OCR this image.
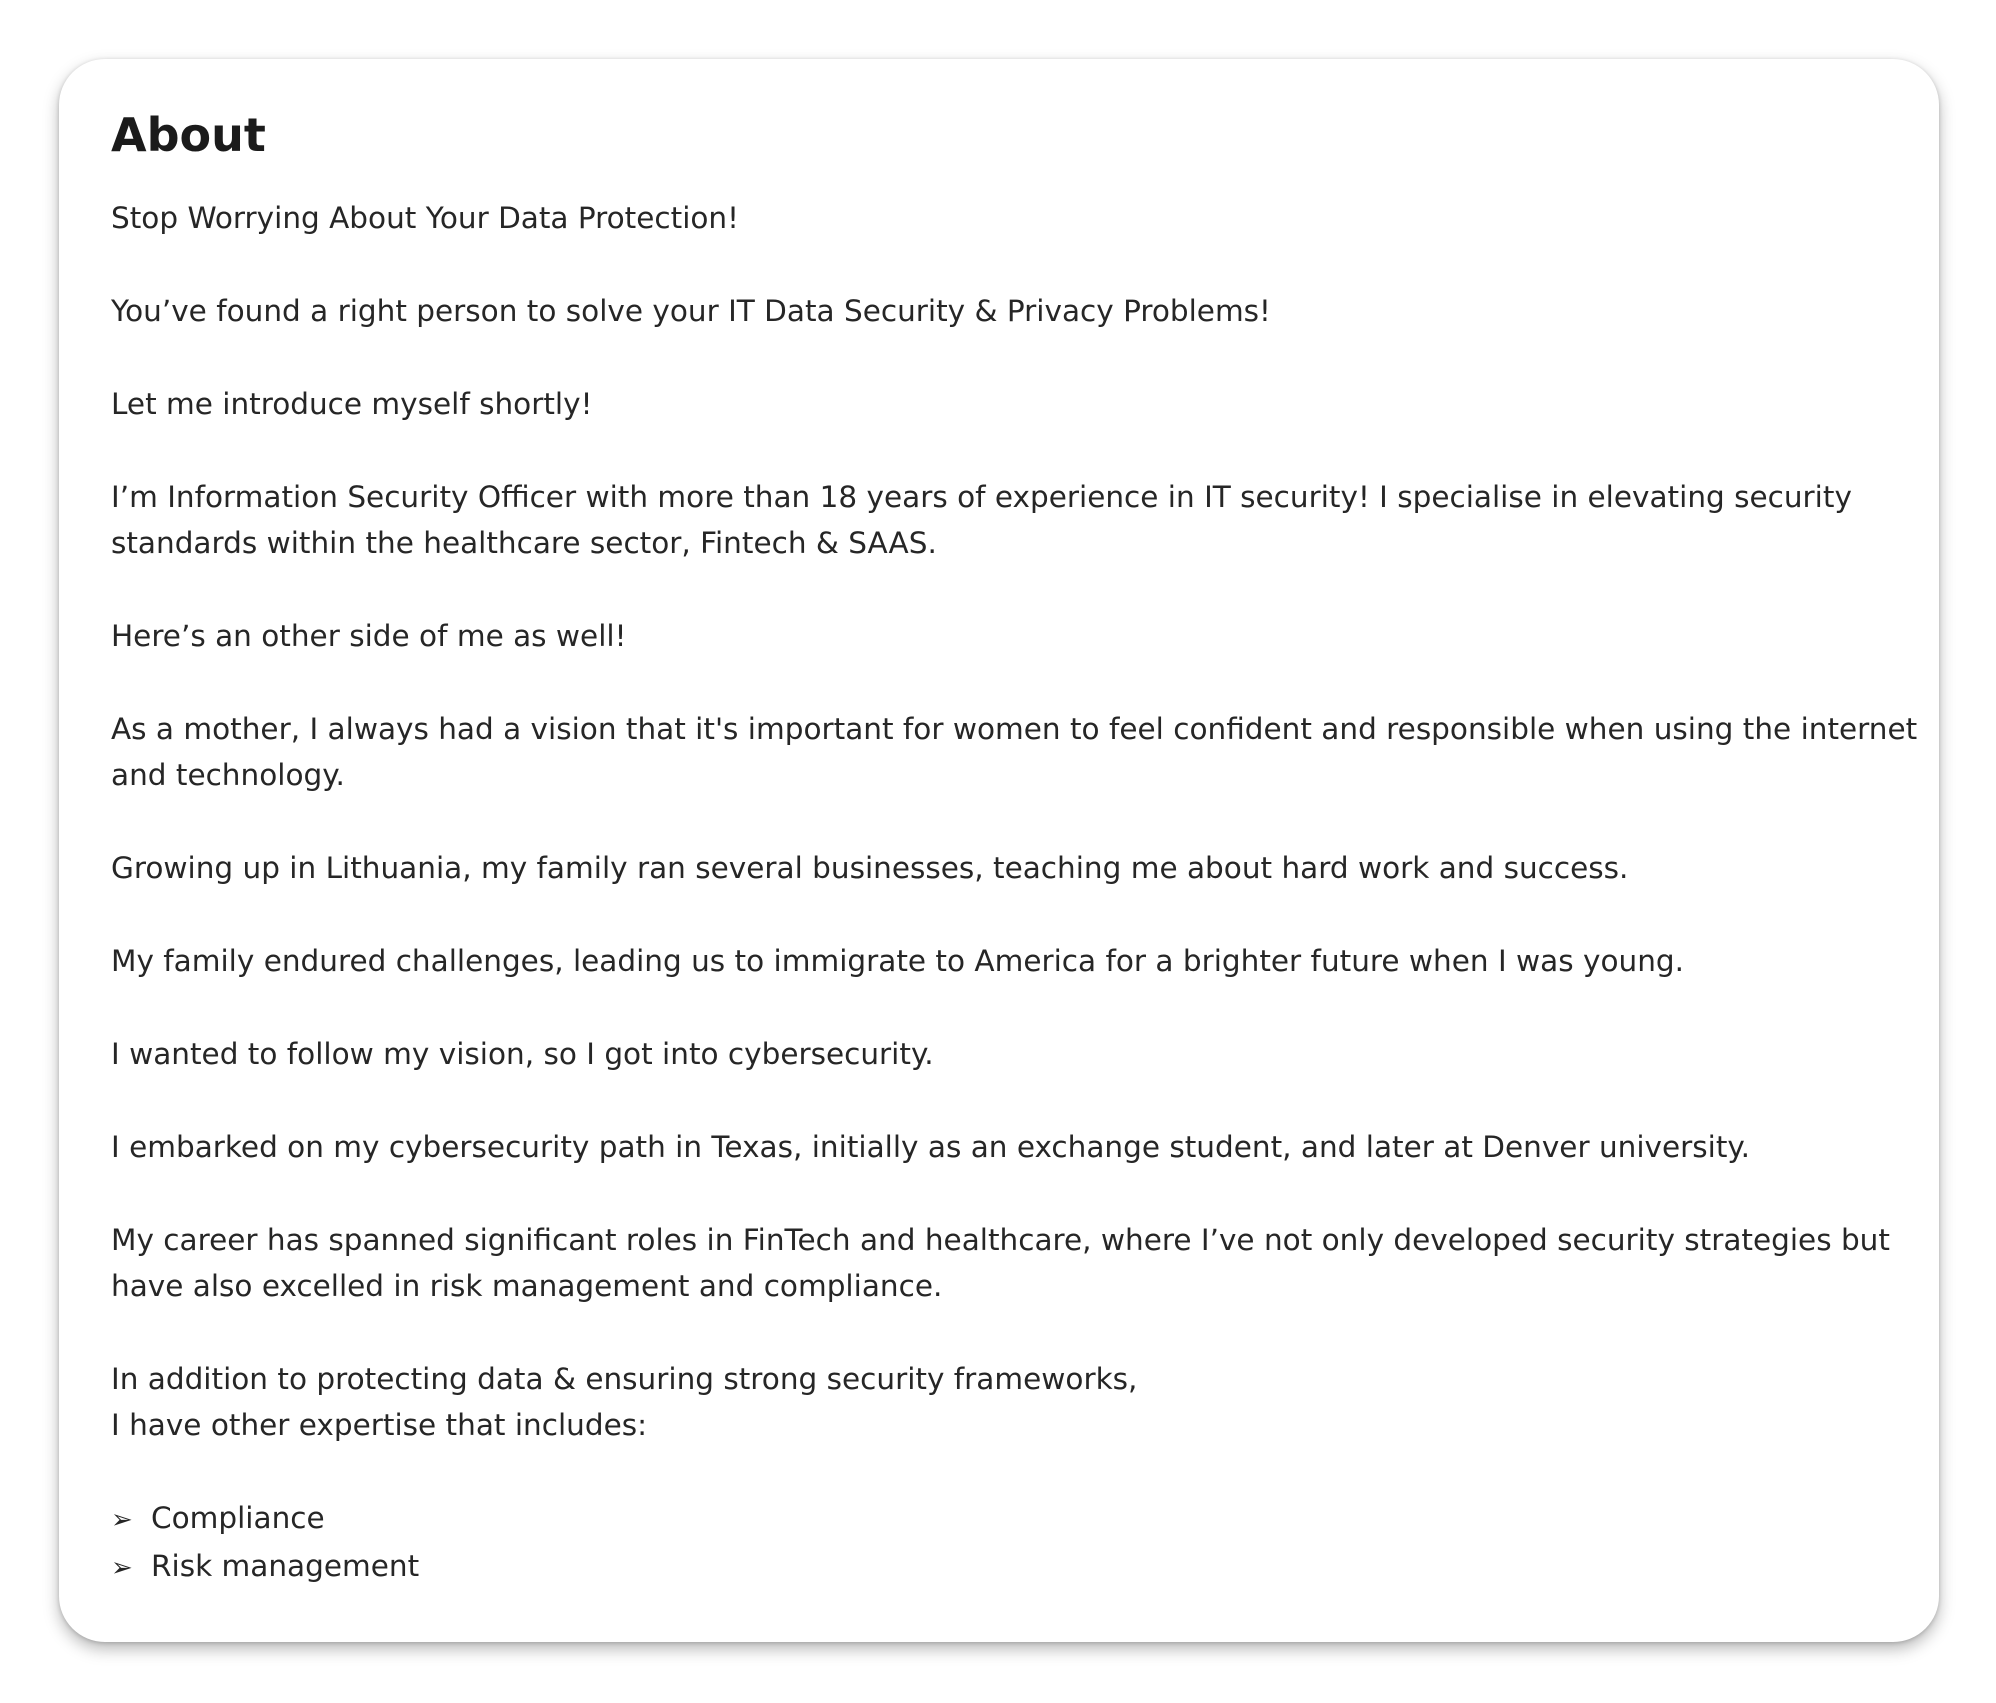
About

Stop Worrying About Your Data Protection!

You’ve found a right person to solve your IT Data Security & Privacy Problems!

Let me introduce myself shortly!

I’m Information Security Officer with more than 18 years of experience in IT security! I specialise in elevating security
standards within the healthcare sector, Fintech & SAAS.

Here’s an other side of me as well!

As a mother, I always had a vision that it's important for women to feel confident and responsible when using the internet
and technology.

Growing up in Lithuania, my family ran several businesses, teaching me about hard work and success.

My family endured challenges, leading us to immigrate to America for a brighter future when I was young.

I wanted to follow my vision, so I got into cybersecurity.

I embarked on my cybersecurity path in Texas, initially as an exchange student, and later at Denver university.

My career has spanned significant roles in FinTech and healthcare, where I’ve not only developed security strategies but
have also excelled in risk management and compliance.

In addition to protecting data & ensuring strong security frameworks,
I have other expertise that includes:

➢ Compliance
➢ Risk management
